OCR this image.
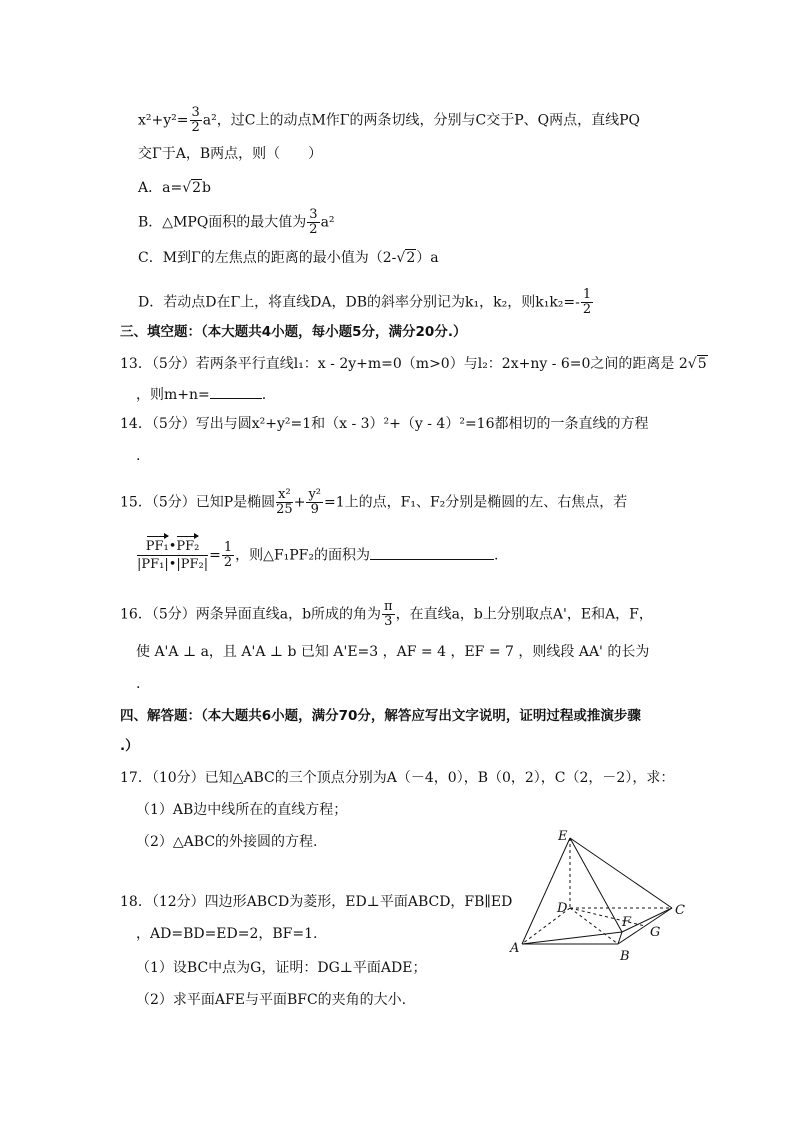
$x^2+y^2= \frac{3}{2} a^2$，过C上的动点M作Γ的两条切线，分别与C交于P、Q两点，直线PQ
交Γ于A，B两点，则（　　）
A．a=√2b
B．△MPQ面积的最大值为 $\frac{3}{2} a^2$
C．M到Γ的左焦点的距离的最小值为（2-√2）a
D．若动点D在Γ上，将直线DA，DB的斜率分别记为k₁，k₂，则$k_1k_2=- \frac{1}{2}$
三、填空题：（本大题共4小题，每小题5分，满分20分.）
13．（5分）若两条平行直线l₁：x - 2y+m=0（m>0）与l₂：2x+ny - 6=0之间的距离是 2√5
，则m+n=	.
14．（5分）写出与圆x²+y²=1和（x - 3）²+（y - 4）²=16都相切的一条直线的方程
.
15．（5分）已知P是椭圆 $\frac{\text{x²}}{25} + \frac{\text{y²}}{9} =1$上的点，F₁、F₂分别是椭圆的左、右焦点，若
$\frac{\text{PF₁•PF₂}}{\text{|PF₁|•|PF₂|}} = \frac{1}{2}$ ，则△F₁PF₂的面积为	.
16．（5分）两条异面直线a，b所成的角为 $\frac{\pi}{3}$ ，在直线a，b上分别取点A'，E和A，F，
使 A'A ⊥ a，且 A'A ⊥ b 已知 A'E=3 ，AF = 4 ，EF = 7 ，则线段 AA' 的长为
.
四、解答题：（本大题共6小题，满分70分，解答应写出文字说明，证明过程或推演步骤
.）
17．（10分）已知△ABC的三个顶点分别为A（－4，0），B（0，2），C（2，－2），求：
（1）AB边中线所在的直线方程；
（2）△ABC的外接圆的方程.
18．（12分）四边形ABCD为菱形，ED⊥平面ABCD，FB∥ED
，AD=BD=ED=2，BF=1.
（1）设BC中点为G，证明：DG⊥平面ADE；
（2）求平面AFE与平面BFC的夹角的大小.
E
D	C
F
G
A
B
